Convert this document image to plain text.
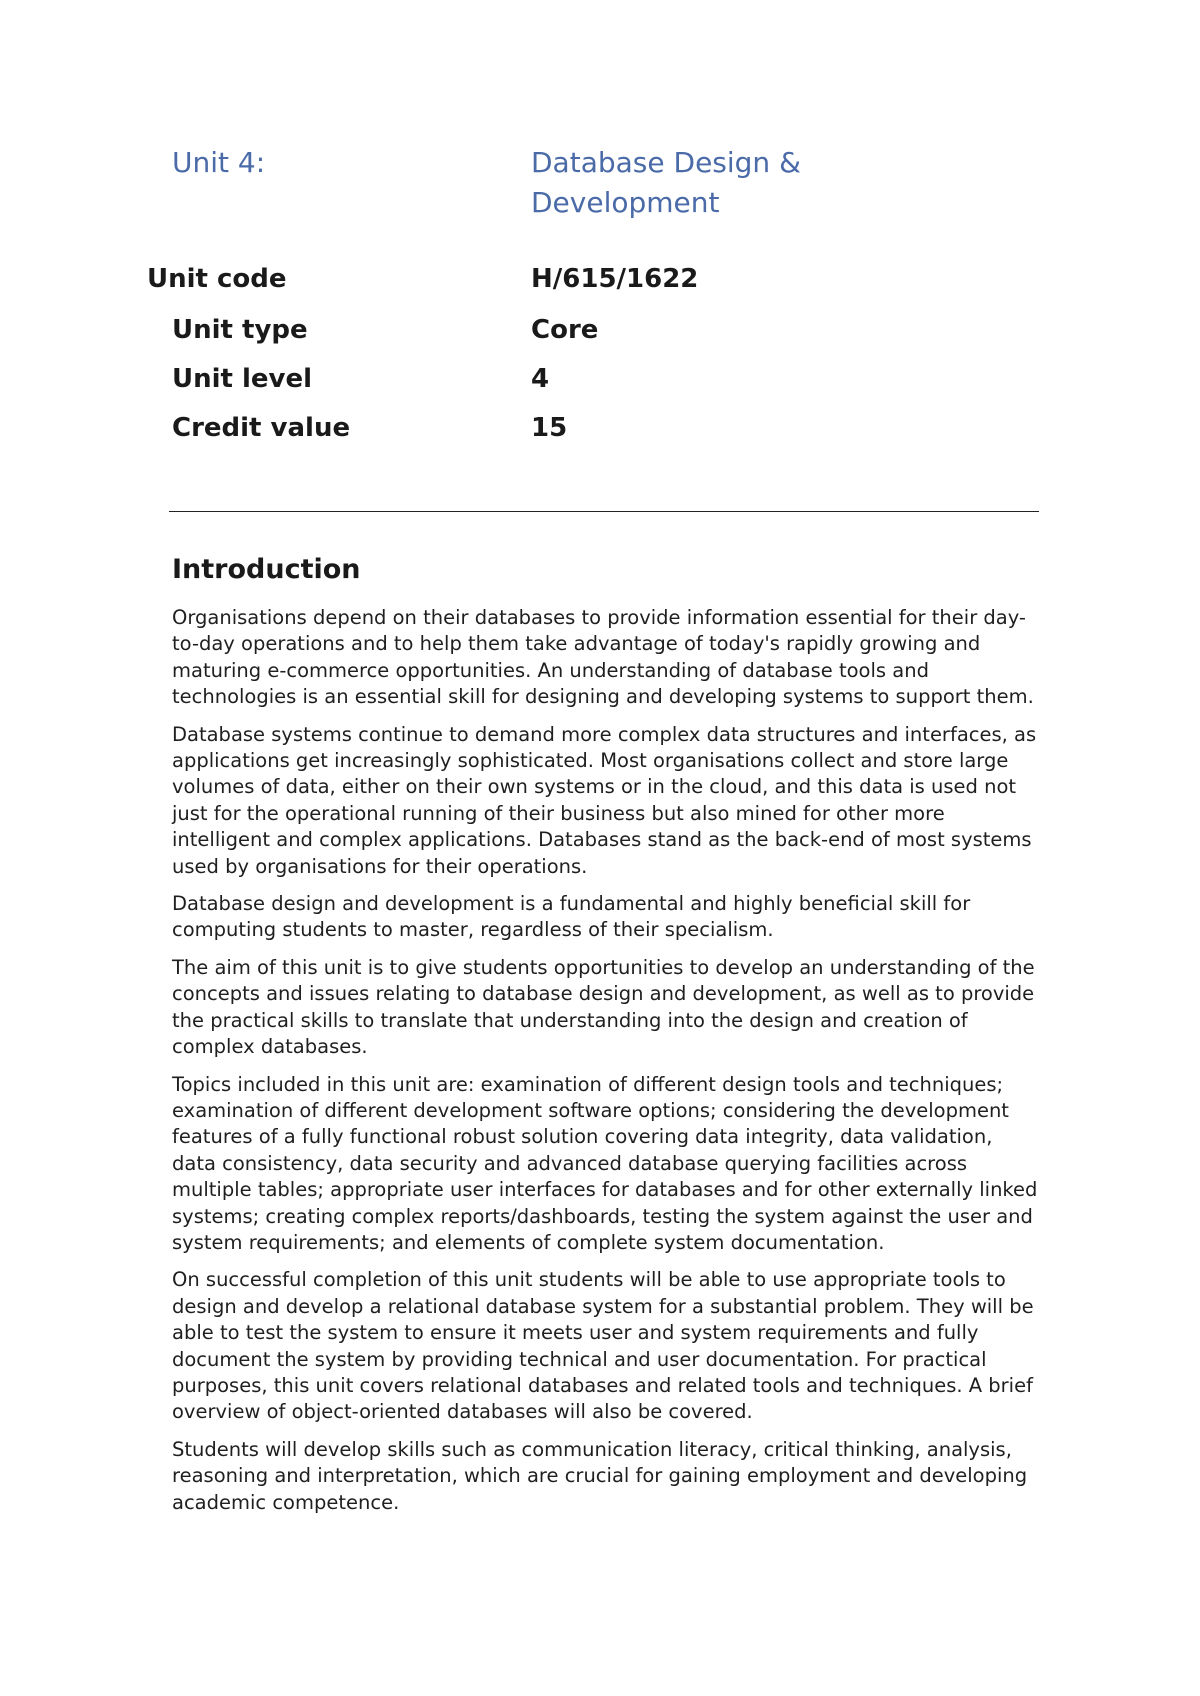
Unit 4:	Database Design & Development
Unit code	H/615/1622
Unit type	Core
Unit level	4
Credit value	15
Introduction

Organisations depend on their databases to provide information essential for their day-to-day operations and to help them take advantage of today's rapidly growing and maturing e-commerce opportunities. An understanding of database tools and technologies is an essential skill for designing and developing systems to support them.

Database systems continue to demand more complex data structures and interfaces, as applications get increasingly sophisticated. Most organisations collect and store large volumes of data, either on their own systems or in the cloud, and this data is used not just for the operational running of their business but also mined for other more intelligent and complex applications. Databases stand as the back-end of most systems used by organisations for their operations.

Database design and development is a fundamental and highly beneficial skill for computing students to master, regardless of their specialism.

The aim of this unit is to give students opportunities to develop an understanding of the concepts and issues relating to database design and development, as well as to provide the practical skills to translate that understanding into the design and creation of complex databases.

Topics included in this unit are: examination of different design tools and techniques; examination of different development software options; considering the development features of a fully functional robust solution covering data integrity, data validation, data consistency, data security and advanced database querying facilities across multiple tables; appropriate user interfaces for databases and for other externally linked systems; creating complex reports/dashboards, testing the system against the user and system requirements; and elements of complete system documentation.

On successful completion of this unit students will be able to use appropriate tools to design and develop a relational database system for a substantial problem. They will be able to test the system to ensure it meets user and system requirements and fully document the system by providing technical and user documentation. For practical purposes, this unit covers relational databases and related tools and techniques. A brief overview of object-oriented databases will also be covered.

Students will develop skills such as communication literacy, critical thinking, analysis, reasoning and interpretation, which are crucial for gaining employment and developing academic competence.
